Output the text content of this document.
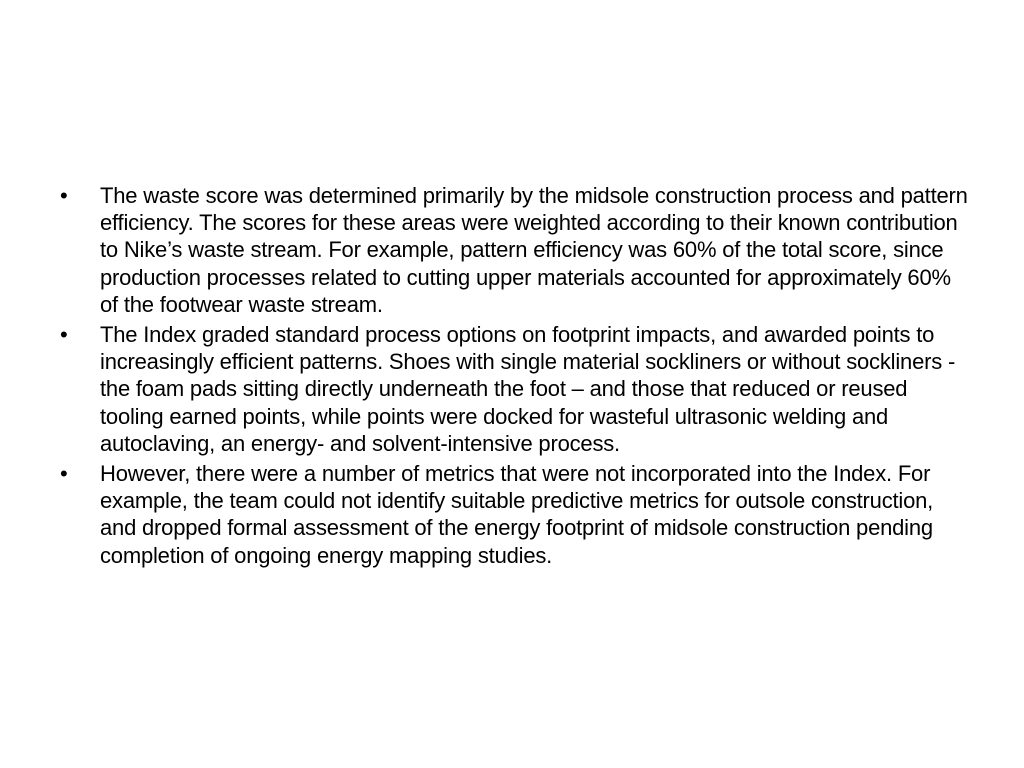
•	The waste score was determined primarily by the midsole construction process and pattern efficiency. The scores for these areas were weighted according to their known contribution to Nike’s waste stream. For example, pattern efficiency was 60% of the total score, since production processes related to cutting upper materials accounted for approximately 60% of the footwear waste stream.
•	The Index graded standard process options on footprint impacts, and awarded points to increasingly efficient patterns. Shoes with single material sockliners or without sockliners - the foam pads sitting directly underneath the foot – and those that reduced or reused tooling earned points, while points were docked for wasteful ultrasonic welding and autoclaving, an energy- and solvent-intensive process.
•	However, there were a number of metrics that were not incorporated into the Index. For example, the team could not identify suitable predictive metrics for outsole construction, and dropped formal assessment of the energy footprint of midsole construction pending completion of ongoing energy mapping studies.
